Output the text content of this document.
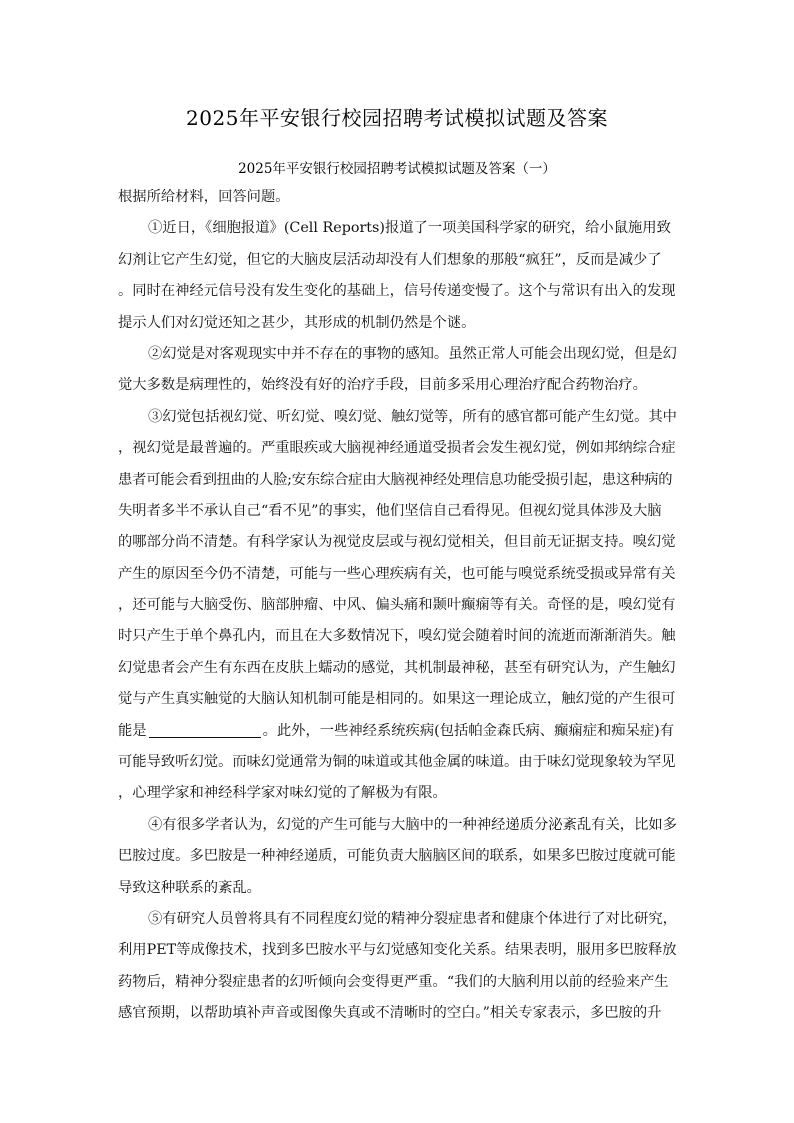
2025年平安银行校园招聘考试模拟试题及答案
2025年平安银行校园招聘考试模拟试题及答案（一）
根据所给材料，回答问题。
①近日，《细胞报道》(Cell Reports)报道了一项美国科学家的研究，给小鼠施用致
幻剂让它产生幻觉，但它的大脑皮层活动却没有人们想象的那般“疯狂”，反而是减少了
。同时在神经元信号没有发生变化的基础上，信号传递变慢了。这个与常识有出入的发现
提示人们对幻觉还知之甚少，其形成的机制仍然是个谜。
②幻觉是对客观现实中并不存在的事物的感知。虽然正常人可能会出现幻觉，但是幻
觉大多数是病理性的，始终没有好的治疗手段，目前多采用心理治疗配合药物治疗。
③幻觉包括视幻觉、听幻觉、嗅幻觉、触幻觉等，所有的感官都可能产生幻觉。其中
，视幻觉是最普遍的。严重眼疾或大脑视神经通道受损者会发生视幻觉，例如邦纳综合症
患者可能会看到扭曲的人脸;安东综合症由大脑视神经处理信息功能受损引起，患这种病的
失明者多半不承认自己“看不见”的事实，他们坚信自己看得见。但视幻觉具体涉及大脑
的哪部分尚不清楚。有科学家认为视觉皮层或与视幻觉相关，但目前无证据支持。嗅幻觉
产生的原因至今仍不清楚，可能与一些心理疾病有关，也可能与嗅觉系统受损或异常有关
，还可能与大脑受伤、脑部肿瘤、中风、偏头痛和颞叶癫痫等有关。奇怪的是，嗅幻觉有
时只产生于单个鼻孔内，而且在大多数情况下，嗅幻觉会随着时间的流逝而渐渐消失。触
幻觉患者会产生有东西在皮肤上蠕动的感觉，其机制最神秘，甚至有研究认为，产生触幻
觉与产生真实触觉的大脑认知机制可能是相同的。如果这一理论成立，触幻觉的产生很可
能是	。此外，一些神经系统疾病(包括帕金森氏病、癫痫症和痴呆症)有
可能导致听幻觉。而味幻觉通常为铜的味道或其他金属的味道。由于味幻觉现象较为罕见
，心理学家和神经科学家对味幻觉的了解极为有限。
④有很多学者认为，幻觉的产生可能与大脑中的一种神经递质分泌紊乱有关，比如多
巴胺过度。多巴胺是一种神经递质，可能负责大脑脑区间的联系，如果多巴胺过度就可能
导致这种联系的紊乱。
⑤有研究人员曾将具有不同程度幻觉的精神分裂症患者和健康个体进行了对比研究，
利用PET等成像技术，找到多巴胺水平与幻觉感知变化关系。结果表明，服用多巴胺释放
药物后，精神分裂症患者的幻听倾向会变得更严重。“我们的大脑利用以前的经验来产生
感官预期，以帮助填补声音或图像失真或不清晰时的空白。”相关专家表示，多巴胺的升
